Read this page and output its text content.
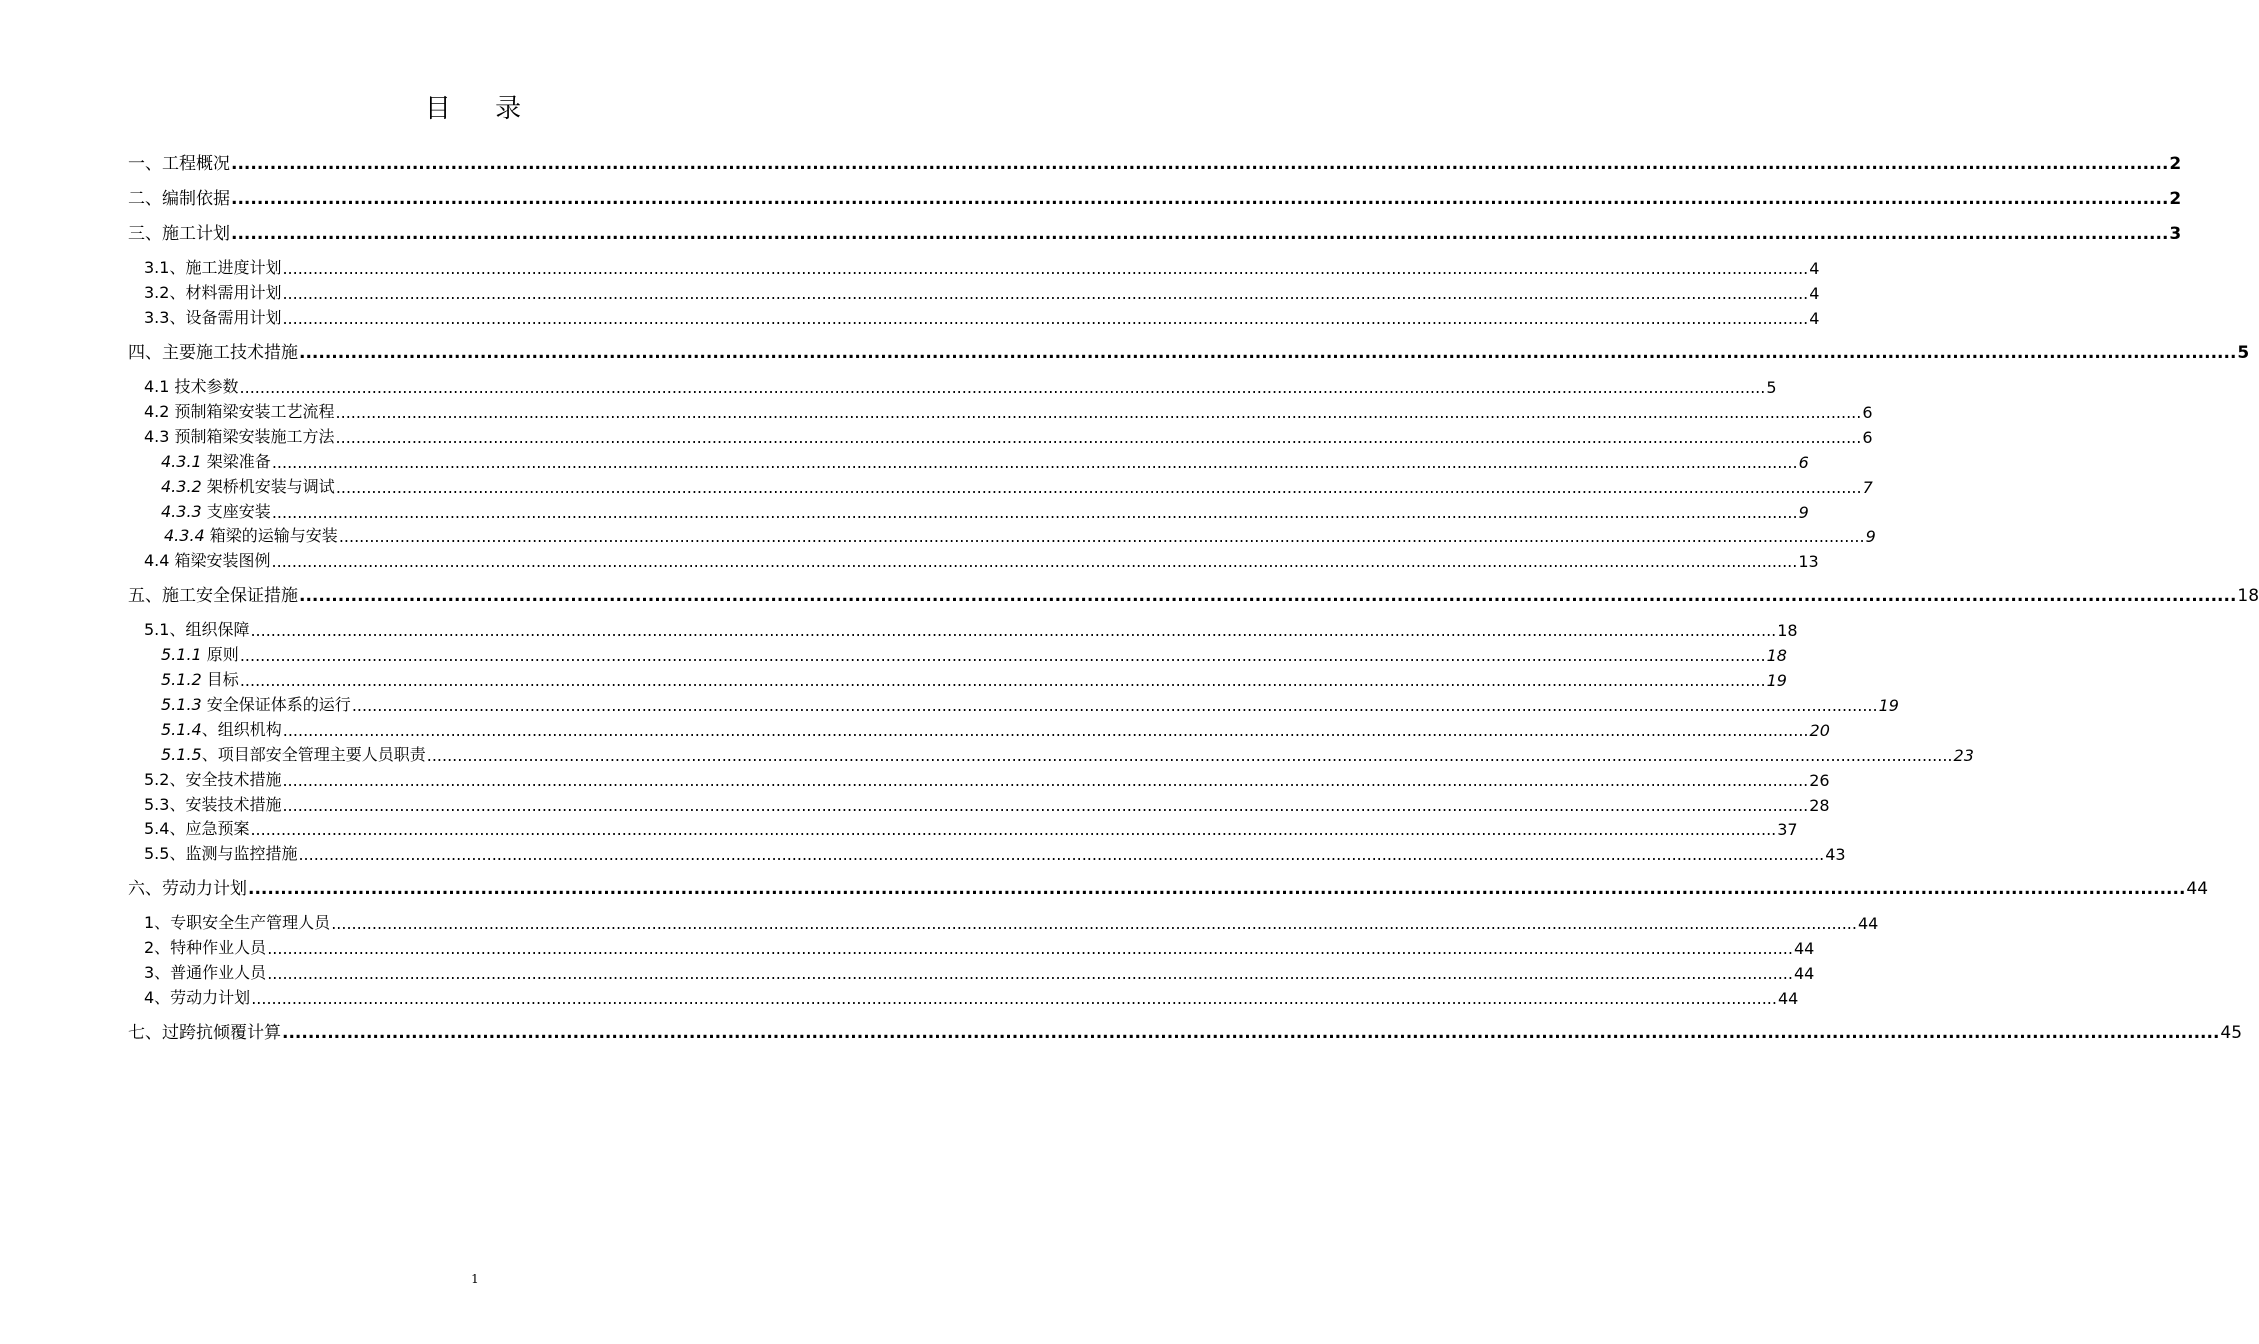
目 录
一、工程概况 ............................................................................................................................................................................................................................................................................................................ 2
二、编制依据 ............................................................................................................................................................................................................................................................................................................ 2
三、施工计划 ............................................................................................................................................................................................................................................................................................................ 3
3.1、施工进度计划 ............................................................................................................................................................................................................................................................................................................ 4
3.2、材料需用计划 ............................................................................................................................................................................................................................................................................................................ 4
3.3、设备需用计划 ............................................................................................................................................................................................................................................................................................................ 4
四、主要施工技术措施 ............................................................................................................................................................................................................................................................................................................ 5
4.1 技术参数 ............................................................................................................................................................................................................................................................................................................ 5
4.2 预制箱梁安装工艺流程 ............................................................................................................................................................................................................................................................................................................ 6
4.3 预制箱梁安装施工方法 ............................................................................................................................................................................................................................................................................................................ 6
4.3.1 架梁准备 ............................................................................................................................................................................................................................................................................................................ 6
4.3.2 架桥机安装与调试 ............................................................................................................................................................................................................................................................................................................ 7
4.3.3 支座安装 ............................................................................................................................................................................................................................................................................................................ 9
4.3.4 箱梁的运输与安装 ............................................................................................................................................................................................................................................................................................................ 9
4.4 箱梁安装图例 ............................................................................................................................................................................................................................................................................................................ 13
五、施工安全保证措施 ............................................................................................................................................................................................................................................................................................................ 18
5.1、组织保障 ............................................................................................................................................................................................................................................................................................................ 18
5.1.1 原则 ............................................................................................................................................................................................................................................................................................................ 18
5.1.2 目标 ............................................................................................................................................................................................................................................................................................................ 19
5.1.3 安全保证体系的运行 ............................................................................................................................................................................................................................................................................................................ 19
5.1.4、组织机构 ............................................................................................................................................................................................................................................................................................................ 20
5.1.5、项目部安全管理主要人员职责 ............................................................................................................................................................................................................................................................................................................ 23
5.2、安全技术措施 ............................................................................................................................................................................................................................................................................................................ 26
5.3、安装技术措施 ............................................................................................................................................................................................................................................................................................................ 28
5.4、应急预案 ............................................................................................................................................................................................................................................................................................................ 37
5.5、监测与监控措施 ............................................................................................................................................................................................................................................................................................................ 43
六、劳动力计划 ............................................................................................................................................................................................................................................................................................................ 44
1、专职安全生产管理人员 ............................................................................................................................................................................................................................................................................................................ 44
2、特种作业人员 ............................................................................................................................................................................................................................................................................................................ 44
3、普通作业人员 ............................................................................................................................................................................................................................................................................................................ 44
4、劳动力计划 ............................................................................................................................................................................................................................................................................................................ 44
七、过跨抗倾覆计算 ............................................................................................................................................................................................................................................................................................................ 45
1
